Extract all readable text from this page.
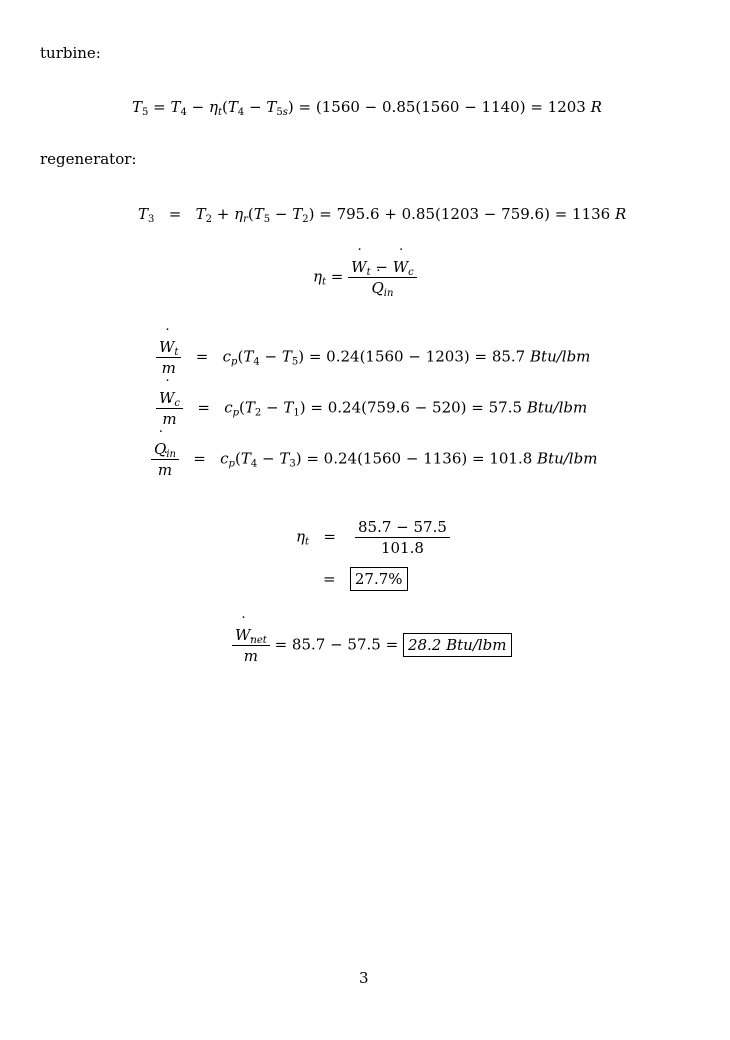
turbine:
$T_5 = T_4 - \eta_t(T_4 - T_{5s}) = (1560 - 0.85(1560 - 1140) = 1203$ R
regenerator:
$T_3 = T_2 + \eta_r(T_5 - T_2) = 795.6 + 0.85(1203 - 759.6) = 1136$ R
$\eta_t$ =
˙ $W_t$ − ˙ $W_c$
˙ $Q_{in}$
˙ $W_t$
˙ $m = c_p(T_4 - T_5) = 0.24(1560 - 1203) = 85.7$ Btu/lbm
˙ $W_c$
˙ $m = c_p(T_2 - T_1) = 0.24(759.6 - 520) = 57.5$ Btu/lbm
˙ $Q_{in}$
˙ $m = c_p(T_4 - T_3) = 0.24(1560 - 1136) = 101.8$ Btu/lbm
$\eta_t = \frac{85.7 - 57.5}{101.8}$
=   27.7%
˙ $W_{net}$
˙ m = 85.7 − 57.5 = 28.2 Btu/lbm
3
